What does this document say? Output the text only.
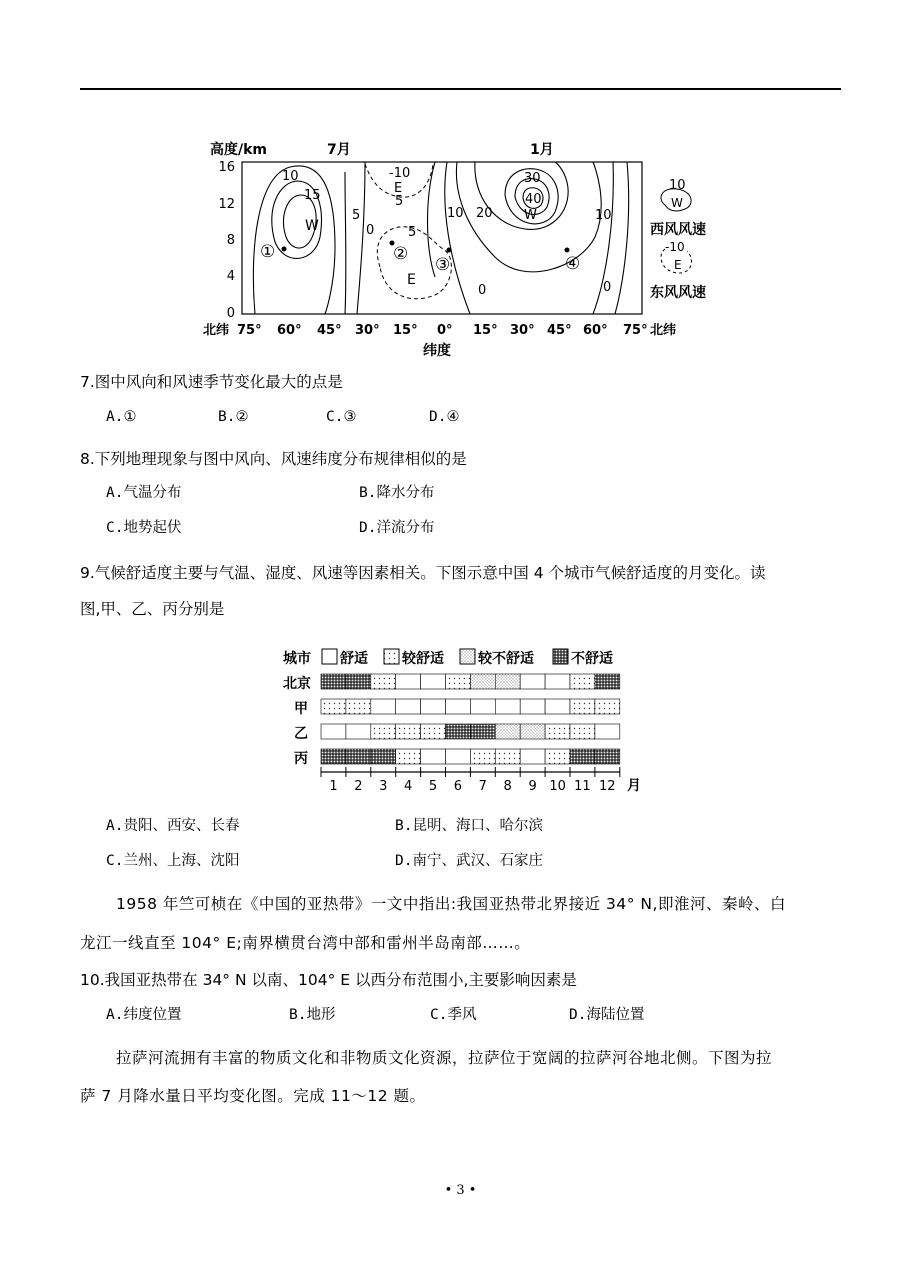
高度/km	7月	1月
16
12
8
4
0
北纬 75° 60° 45° 30° 15° 0° 15° 30° 45° 60° 75° 北纬
纬度
10
15
W
5
0
-10
E
5
5
E
10 20
30
40
W	10
0	0
①	②
③	④
10
W
西风风速
-10
E
东风风速
7.图中风向和风速季节变化最大的点是
A.①	B.②	C.③	D.④
8.下列地理现象与图中风向、风速纬度分布规律相似的是
A.气温分布	B.降水分布
C.地势起伏	D.洋流分布
9.气候舒适度主要与气温、湿度、风速等因素相关。下图示意中国 4 个城市气候舒适度的月变化。读
图,甲、乙、丙分别是
城市 舒适 较舒适 较不舒适	不舒适
北京
甲
乙
丙
1 2 3 4 5 6 7 8 9 10 11 12 月
A.贵阳、西安、长春	B.昆明、海口、哈尔滨
C.兰州、上海、沈阳	D.南宁、武汉、石家庄
1958 年竺可桢在《中国的亚热带》一文中指出:我国亚热带北界接近 34° N,即淮河、秦岭、白
龙江一线直至 104° E;南界横贯台湾中部和雷州半岛南部……。
10.我国亚热带在 34° N 以南、104° E 以西分布范围小,主要影响因素是
A.纬度位置	B.地形	C.季风	D.海陆位置
拉萨河流拥有丰富的物质文化和非物质文化资源，拉萨位于宽阔的拉萨河谷地北侧。下图为拉
萨 7 月降水量日平均变化图。完成 11～12 题。
• 3 •
